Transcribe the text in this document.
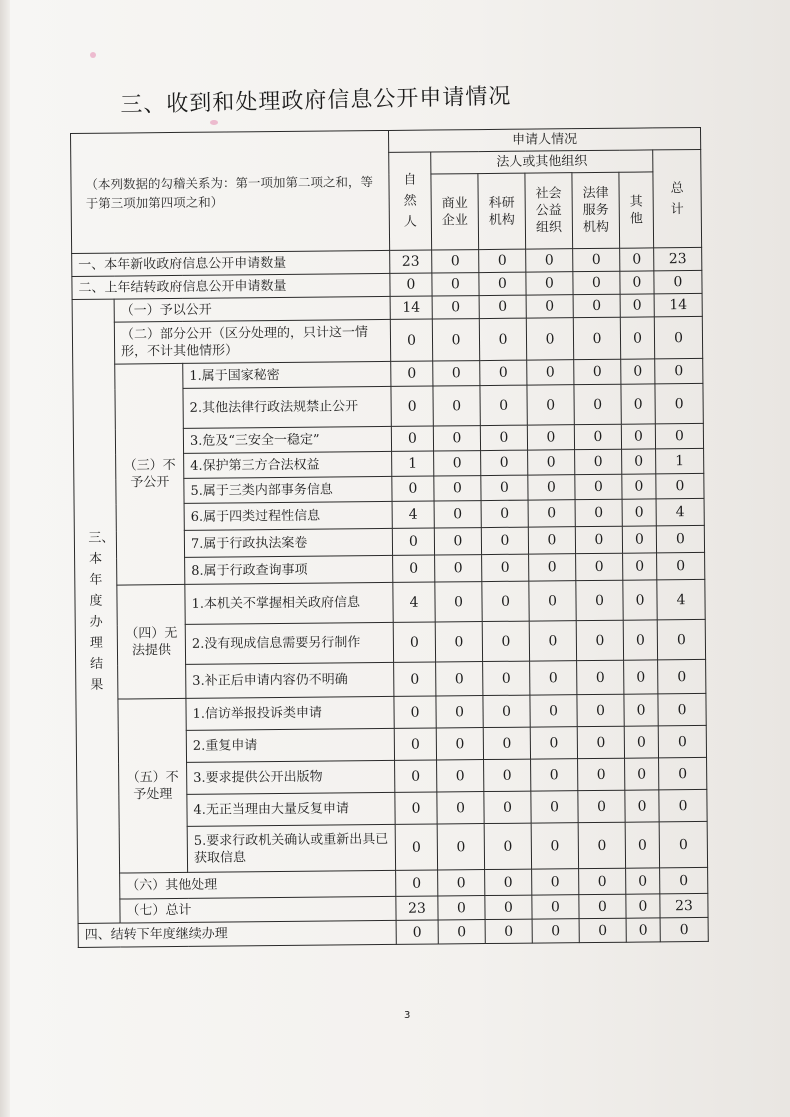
三、收到和处理政府信息公开申请情况
（本列数据的勾稽关系为：第一项加第二项之和，等于第三项加第四项之和）			申请人情况						
			自然人	法人或其他组织					总计
				商业企业	科研机构	社会公益组织	法律服务机构	其他	
一、本年新收政府信息公开申请数量			23	0	0	0	0	0	23
二、上年结转政府信息公开申请数量			0	0	0	0	0	0	0
三、本年度办理结果	（一）予以公开		14	0	0	0	0	0	14
	（二）部分公开（区分处理的，只计这一情形，不计其他情形）		0	0	0	0	0	0	0
	（三）不予公开	1.属于国家秘密	0	0	0	0	0	0	0
		2.其他法律行政法规禁止公开	0	0	0	0	0	0	0
		3.危及“三安全一稳定”	0	0	0	0	0	0	0
		4.保护第三方合法权益	1	0	0	0	0	0	1
		5.属于三类内部事务信息	0	0	0	0	0	0	0
		6.属于四类过程性信息	4	0	0	0	0	0	4
		7.属于行政执法案卷	0	0	0	0	0	0	0
		8.属于行政查询事项	0	0	0	0	0	0	0
	（四）无法提供	1.本机关不掌握相关政府信息	4	0	0	0	0	0	4
		2.没有现成信息需要另行制作	0	0	0	0	0	0	0
		3.补正后申请内容仍不明确	0	0	0	0	0	0	0
	（五）不予处理	1.信访举报投诉类申请	0	0	0	0	0	0	0
		2.重复申请	0	0	0	0	0	0	0
		3.要求提供公开出版物	0	0	0	0	0	0	0
		4.无正当理由大量反复申请	0	0	0	0	0	0	0
		5.要求行政机关确认或重新出具已获取信息	0	0	0	0	0	0	0
	（六）其他处理		0	0	0	0	0	0	0
	（七）总计		23	0	0	0	0	0	23
四、结转下年度继续办理			0	0	0	0	0	0	0
3
